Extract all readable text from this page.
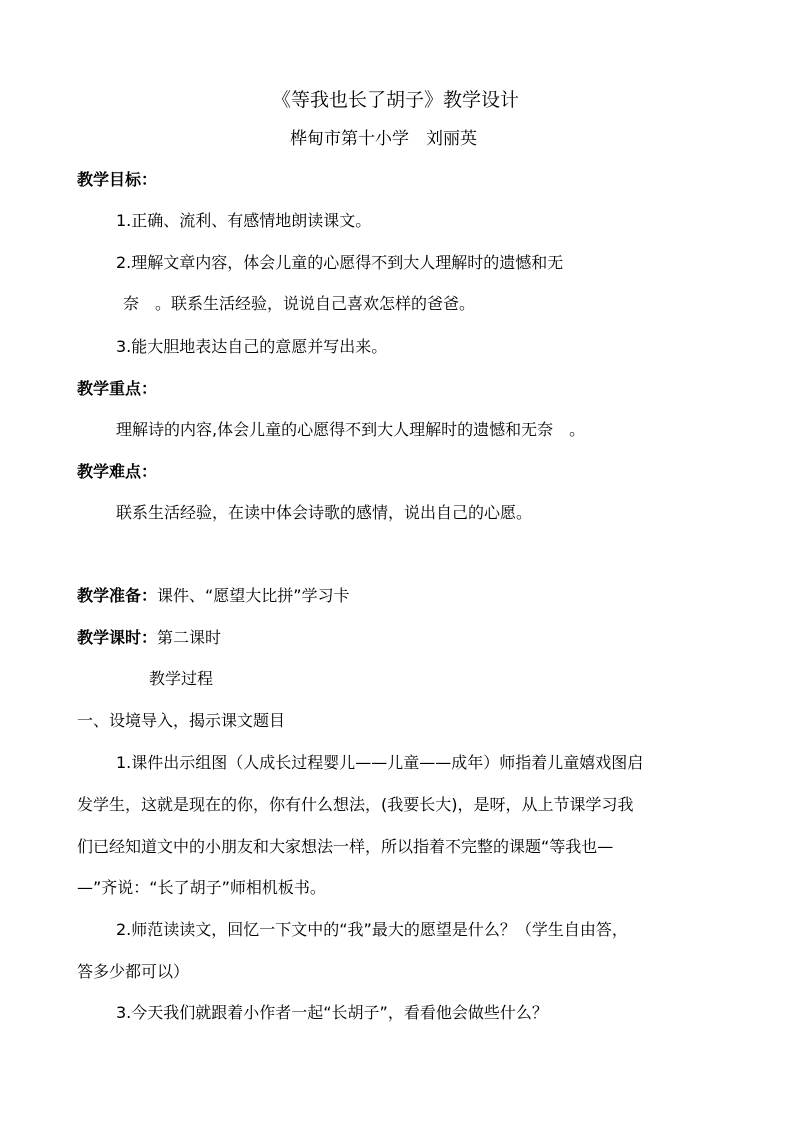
《等我也长了胡子》教学设计
桦甸市第十小学　刘丽英
教学目标：
1.正确、流利、有感情地朗读课文。
2.理解文章内容，体会儿童的心愿得不到大人理解时的遗憾和无
奈　。联系生活经验，说说自己喜欢怎样的爸爸。
3.能大胆地表达自己的意愿并写出来。
教学重点：
理解诗的内容,体会儿童的心愿得不到大人理解时的遗憾和无奈　。
教学难点：
联系生活经验，在读中体会诗歌的感情，说出自己的心愿。
教学准备：课件、“愿望大比拼”学习卡
教学课时：第二课时
教学过程
一、设境导入，揭示课文题目
1.课件出示组图（人成长过程婴儿——儿童——成年）师指着儿童嬉戏图启
发学生，这就是现在的你，你有什么想法，(我要长大)，是呀，从上节课学习我
们已经知道文中的小朋友和大家想法一样，所以指着不完整的课题“等我也—
—”齐说：“长了胡子”师相机板书。
2.师范读读文，回忆一下文中的“我”最大的愿望是什么？（学生自由答，
答多少都可以）
3.今天我们就跟着小作者一起“长胡子”，看看他会做些什么？
